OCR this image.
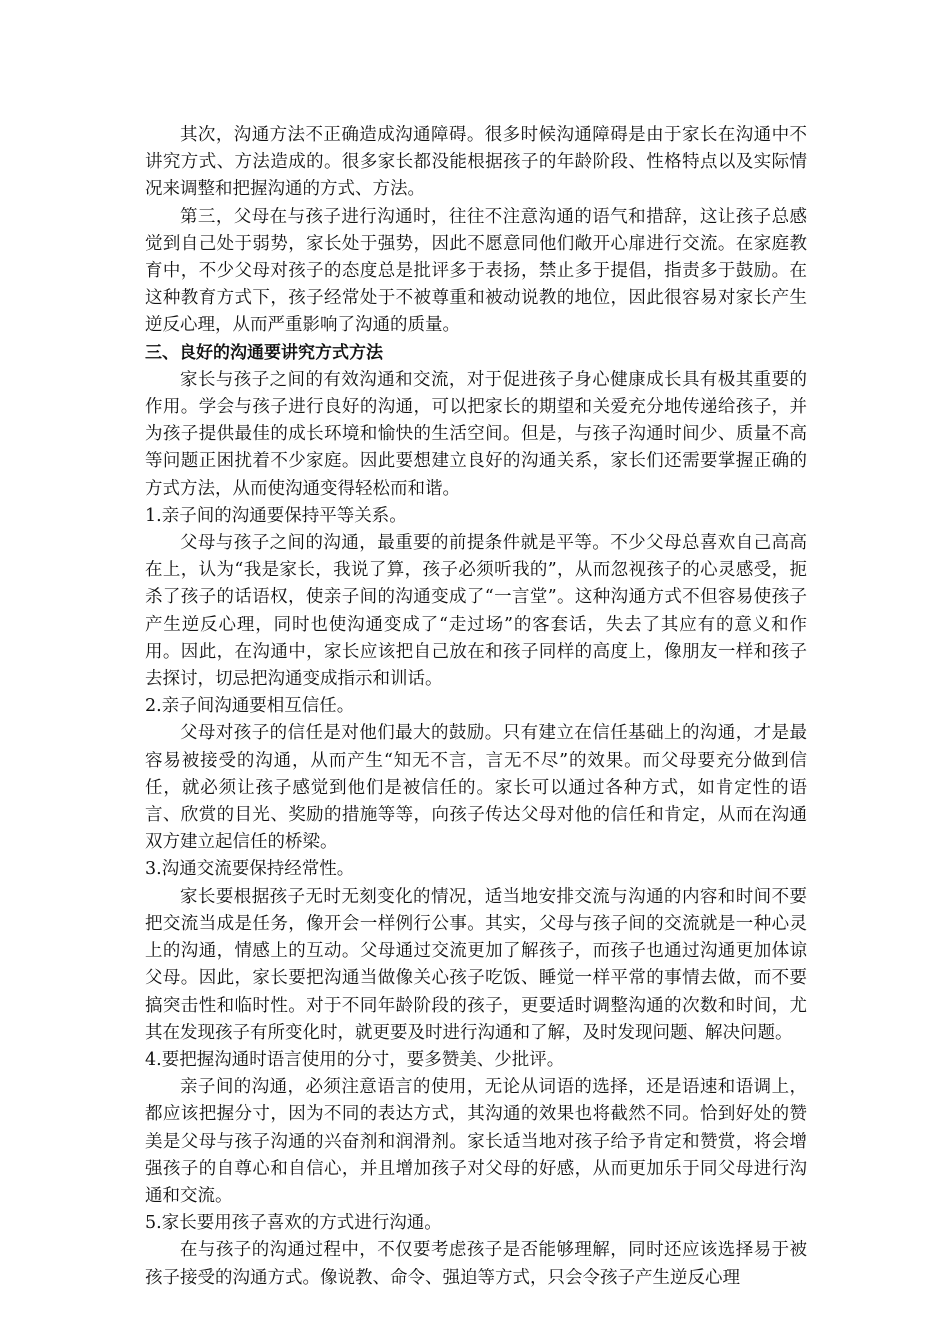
其次，沟通方法不正确造成沟通障碍。很多时候沟通障碍是由于家长在沟通中不讲究方式、方法造成的。很多家长都没能根据孩子的年龄阶段、性格特点以及实际情况来调整和把握沟通的方式、方法。

第三，父母在与孩子进行沟通时，往往不注意沟通的语气和措辞，这让孩子总感觉到自己处于弱势，家长处于强势，因此不愿意同他们敞开心扉进行交流。在家庭教育中，不少父母对孩子的态度总是批评多于表扬，禁止多于提倡，指责多于鼓励。在这种教育方式下，孩子经常处于不被尊重和被动说教的地位，因此很容易对家长产生逆反心理，从而严重影响了沟通的质量。

三、良好的沟通要讲究方式方法

家长与孩子之间的有效沟通和交流，对于促进孩子身心健康成长具有极其重要的作用。学会与孩子进行良好的沟通，可以把家长的期望和关爱充分地传递给孩子，并为孩子提供最佳的成长环境和愉快的生活空间。但是，与孩子沟通时间少、质量不高等问题正困扰着不少家庭。因此要想建立良好的沟通关系，家长们还需要掌握正确的方式方法，从而使沟通变得轻松而和谐。

1.亲子间的沟通要保持平等关系。

父母与孩子之间的沟通，最重要的前提条件就是平等。不少父母总喜欢自己高高在上，认为“我是家长，我说了算，孩子必须听我的”，从而忽视孩子的心灵感受，扼杀了孩子的话语权，使亲子间的沟通变成了“一言堂”。这种沟通方式不但容易使孩子产生逆反心理，同时也使沟通变成了“走过场”的客套话，失去了其应有的意义和作用。因此，在沟通中，家长应该把自己放在和孩子同样的高度上，像朋友一样和孩子去探讨，切忌把沟通变成指示和训话。

2.亲子间沟通要相互信任。

父母对孩子的信任是对他们最大的鼓励。只有建立在信任基础上的沟通，才是最容易被接受的沟通，从而产生“知无不言，言无不尽”的效果。而父母要充分做到信任，就必须让孩子感觉到他们是被信任的。家长可以通过各种方式，如肯定性的语言、欣赏的目光、奖励的措施等等，向孩子传达父母对他的信任和肯定，从而在沟通双方建立起信任的桥梁。

3.沟通交流要保持经常性。

家长要根据孩子无时无刻变化的情况，适当地安排交流与沟通的内容和时间不要把交流当成是任务，像开会一样例行公事。其实，父母与孩子间的交流就是一种心灵上的沟通，情感上的互动。父母通过交流更加了解孩子，而孩子也通过沟通更加体谅父母。因此，家长要把沟通当做像关心孩子吃饭、睡觉一样平常的事情去做，而不要搞突击性和临时性。对于不同年龄阶段的孩子，更要适时调整沟通的次数和时间，尤其在发现孩子有所变化时，就更要及时进行沟通和了解，及时发现问题、解决问题。

4.要把握沟通时语言使用的分寸，要多赞美、少批评。

亲子间的沟通，必须注意语言的使用，无论从词语的选择，还是语速和语调上，都应该把握分寸，因为不同的表达方式，其沟通的效果也将截然不同。恰到好处的赞美是父母与孩子沟通的兴奋剂和润滑剂。家长适当地对孩子给予肯定和赞赏，将会增强孩子的自尊心和自信心，并且增加孩子对父母的好感，从而更加乐于同父母进行沟通和交流。

5.家长要用孩子喜欢的方式进行沟通。

在与孩子的沟通过程中，不仅要考虑孩子是否能够理解，同时还应该选择易于被孩子接受的沟通方式。像说教、命令、强迫等方式，只会令孩子产生逆反心理
